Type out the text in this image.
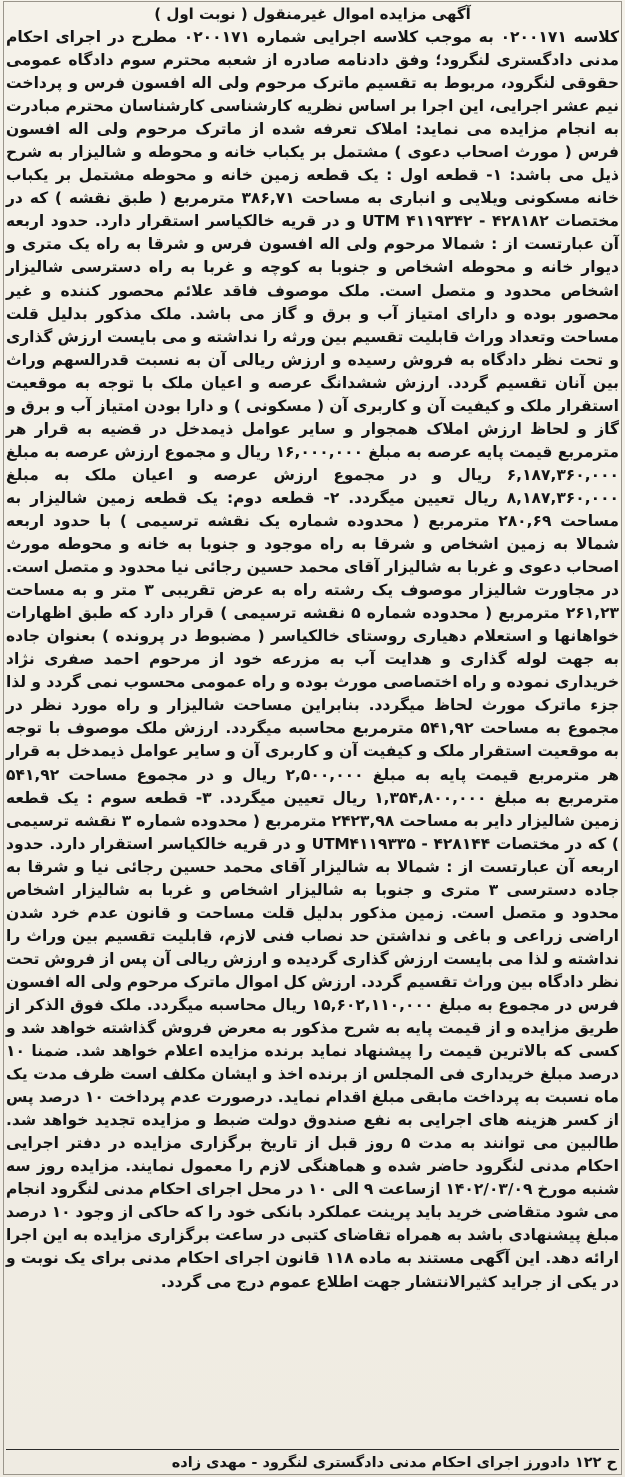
آگهی مزایده اموال غیرمنقول ( نوبت اول )

کلاسه ۰۲۰۰۱۷۱ به موجب کلاسه اجرایی شماره ۰۲۰۰۱۷۱ مطرح در اجرای احکام مدنی دادگستری لنگرود؛ وفق دادنامه صادره از شعبه محترم سوم دادگاه عمومی حقوقی لنگرود، مربوط به تقسیم ماترک مرحوم ولی اله افسون فرس و پرداخت نیم عشر اجرایی، این اجرا بر اساس نظریه کارشناسی کارشناسان محترم مبادرت به انجام مزایده می نماید: املاک تعرفه شده از ماترک مرحوم ولی اله افسون فرس ( مورث اصحاب دعوی ) مشتمل بر یکباب خانه و محوطه و شالیزار به شرح ذیل می باشد: ۱- قطعه اول : یک قطعه زمین خانه و محوطه مشتمل بر یکباب خانه مسکونی ویلایی و انباری به مساحت ۳۸۶,۷۱ مترمربع ( طبق نقشه ) که در مختصات ۴۲۸۱۸۲ - ۴۱۱۹۳۴۲ UTM و در قریه خالکیاسر استقرار دارد. حدود اربعه آن عبارتست از : شمالا مرحوم ولی اله افسون فرس و شرقا به راه یک متری و دیوار خانه و محوطه اشخاص و جنوبا به کوچه و غربا به راه دسترسی شالیزار اشخاص محدود و متصل است. ملک موصوف فاقد علائم محصور کننده و غیر محصور بوده و دارای امتیاز آب و برق و گاز می باشد. ملک مذکور بدلیل قلت مساحت وتعداد وراث قابلیت تقسیم بین ورثه را نداشته و می بایست ارزش گذاری و تحت نظر دادگاه به فروش رسیده و ارزش ریالی آن به نسبت قدرالسهم وراث بین آنان تقسیم گردد. ارزش ششدانگ عرصه و اعیان ملک با توجه به موقعیت استقرار ملک و کیفیت آن و کاربری آن ( مسکونی ) و دارا بودن امتیاز آب و برق و گاز و لحاظ ارزش املاک همجوار و سایر عوامل ذیمدخل در قضیه به قرار هر مترمربع قیمت پایه عرصه به مبلغ ۱۶,۰۰۰,۰۰۰ ریال و مجموع ارزش عرصه به مبلغ ۶,۱۸۷,۳۶۰,۰۰۰ ریال و در مجموع ارزش عرصه و اعیان ملک به مبلغ ۸,۱۸۷,۳۶۰,۰۰۰ ریال تعیین میگردد. ۲- قطعه دوم: یک قطعه زمین شالیزار به مساحت ۲۸۰,۶۹ مترمربع ( محدوده شماره یک نقشه ترسیمی ) با حدود اربعه شمالا به زمین اشخاص و شرقا به راه موجود و جنوبا به خانه و محوطه مورث اصحاب دعوی و غربا به شالیزار آقای محمد حسین رجائی نیا محدود و متصل است. در مجاورت شالیزار موصوف یک رشته راه به عرض تقریبی ۳ متر و به مساحت ۲۶۱,۲۳ مترمربع ( محدوده شماره ۵ نقشه ترسیمی ) قرار دارد که طبق اظهارات خواهانها و استعلام دهیاری روستای خالکیاسر ( مضبوط در پرونده ) بعنوان جاده به جهت لوله گذاری و هدایت آب به مزرعه خود از مرحوم احمد صفری نژاد خریداری نموده و راه اختصاصی مورث بوده و راه عمومی محسوب نمی گردد و لذا جزء ماترک مورث لحاظ میگردد. بنابراین مساحت شالیزار و راه مورد نظر در مجموع به مساحت ۵۴۱,۹۲ مترمربع محاسبه میگردد. ارزش ملک موصوف با توجه به موقعیت استقرار ملک و کیفیت آن و کاربری آن و سایر عوامل ذیمدخل به قرار هر مترمربع قیمت پایه به مبلغ ۲,۵۰۰,۰۰۰ ریال و در مجموع مساحت ۵۴۱,۹۲ مترمربع به مبلغ ۱,۳۵۴,۸۰۰,۰۰۰ ریال تعیین میگردد. ۳- قطعه سوم : یک قطعه زمین شالیزار دایر به مساحت ۲۴۲۳,۹۸ مترمربع ( محدوده شماره ۳ نقشه ترسیمی ) که در مختصات UTM۴۱۱۹۳۳۵ - ۴۲۸۱۴۴ و در قریه خالکیاسر استقرار دارد. حدود اربعه آن عبارتست از : شمالا به شالیزار آقای محمد حسین رجائی نیا و شرقا به جاده دسترسی ۳ متری و جنوبا به شالیزار اشخاص و غربا به شالیزار اشخاص محدود و متصل است. زمین مذکور بدلیل قلت مساحت و قانون عدم خرد شدن اراضی زراعی و باغی و نداشتن حد نصاب فنی لازم، قابلیت تقسیم بین وراث را نداشته و لذا می بایست ارزش گذاری گردیده و ارزش ریالی آن پس از فروش تحت نظر دادگاه بین وراث تقسیم گردد. ارزش کل اموال ماترک مرحوم ولی اله افسون فرس در مجموع به مبلغ ۱۵,۶۰۲,۱۱۰,۰۰۰ ریال محاسبه میگردد. ملک فوق الذکر از طریق مزایده و از قیمت پایه به شرح مذکور به معرض فروش گذاشته خواهد شد و کسی که بالاترین قیمت را پیشنهاد نماید برنده مزایده اعلام خواهد شد. ضمنا ۱۰ درصد مبلغ خریداری فی المجلس از برنده اخذ و ایشان مکلف است ظرف مدت یک ماه نسبت به پرداخت مابقی مبلغ اقدام نماید. درصورت عدم پرداخت ۱۰ درصد پس از کسر هزینه های اجرایی به نفع صندوق دولت ضبط و مزایده تجدید خواهد شد. طالبین می توانند به مدت ۵ روز قبل از تاریخ برگزاری مزایده در دفتر اجرایی احکام مدنی لنگرود حاضر شده و هماهنگی لازم را معمول نمایند. مزایده روز سه شنبه مورخ ۱۴۰۲/۰۳/۰۹ ازساعت ۹ الی ۱۰ در محل اجرای احکام مدنی لنگرود انجام می شود متقاضی خرید باید پرینت عملکرد بانکی خود را که حاکی از وجود ۱۰ درصد مبلغ پیشنهادی باشد به همراه تقاضای کتبی در ساعت برگزاری مزایده به این اجرا ارائه دهد. این آگهی مستند به ماده ۱۱۸ قانون اجرای احکام مدنی برای یک نوبت و در یکی از جراید کثیرالانتشار جهت اطلاع عموم درج می گردد.

ح ۱۲۲ دادورز اجرای احکام مدنی دادگستری لنگرود - مهدی زاده
